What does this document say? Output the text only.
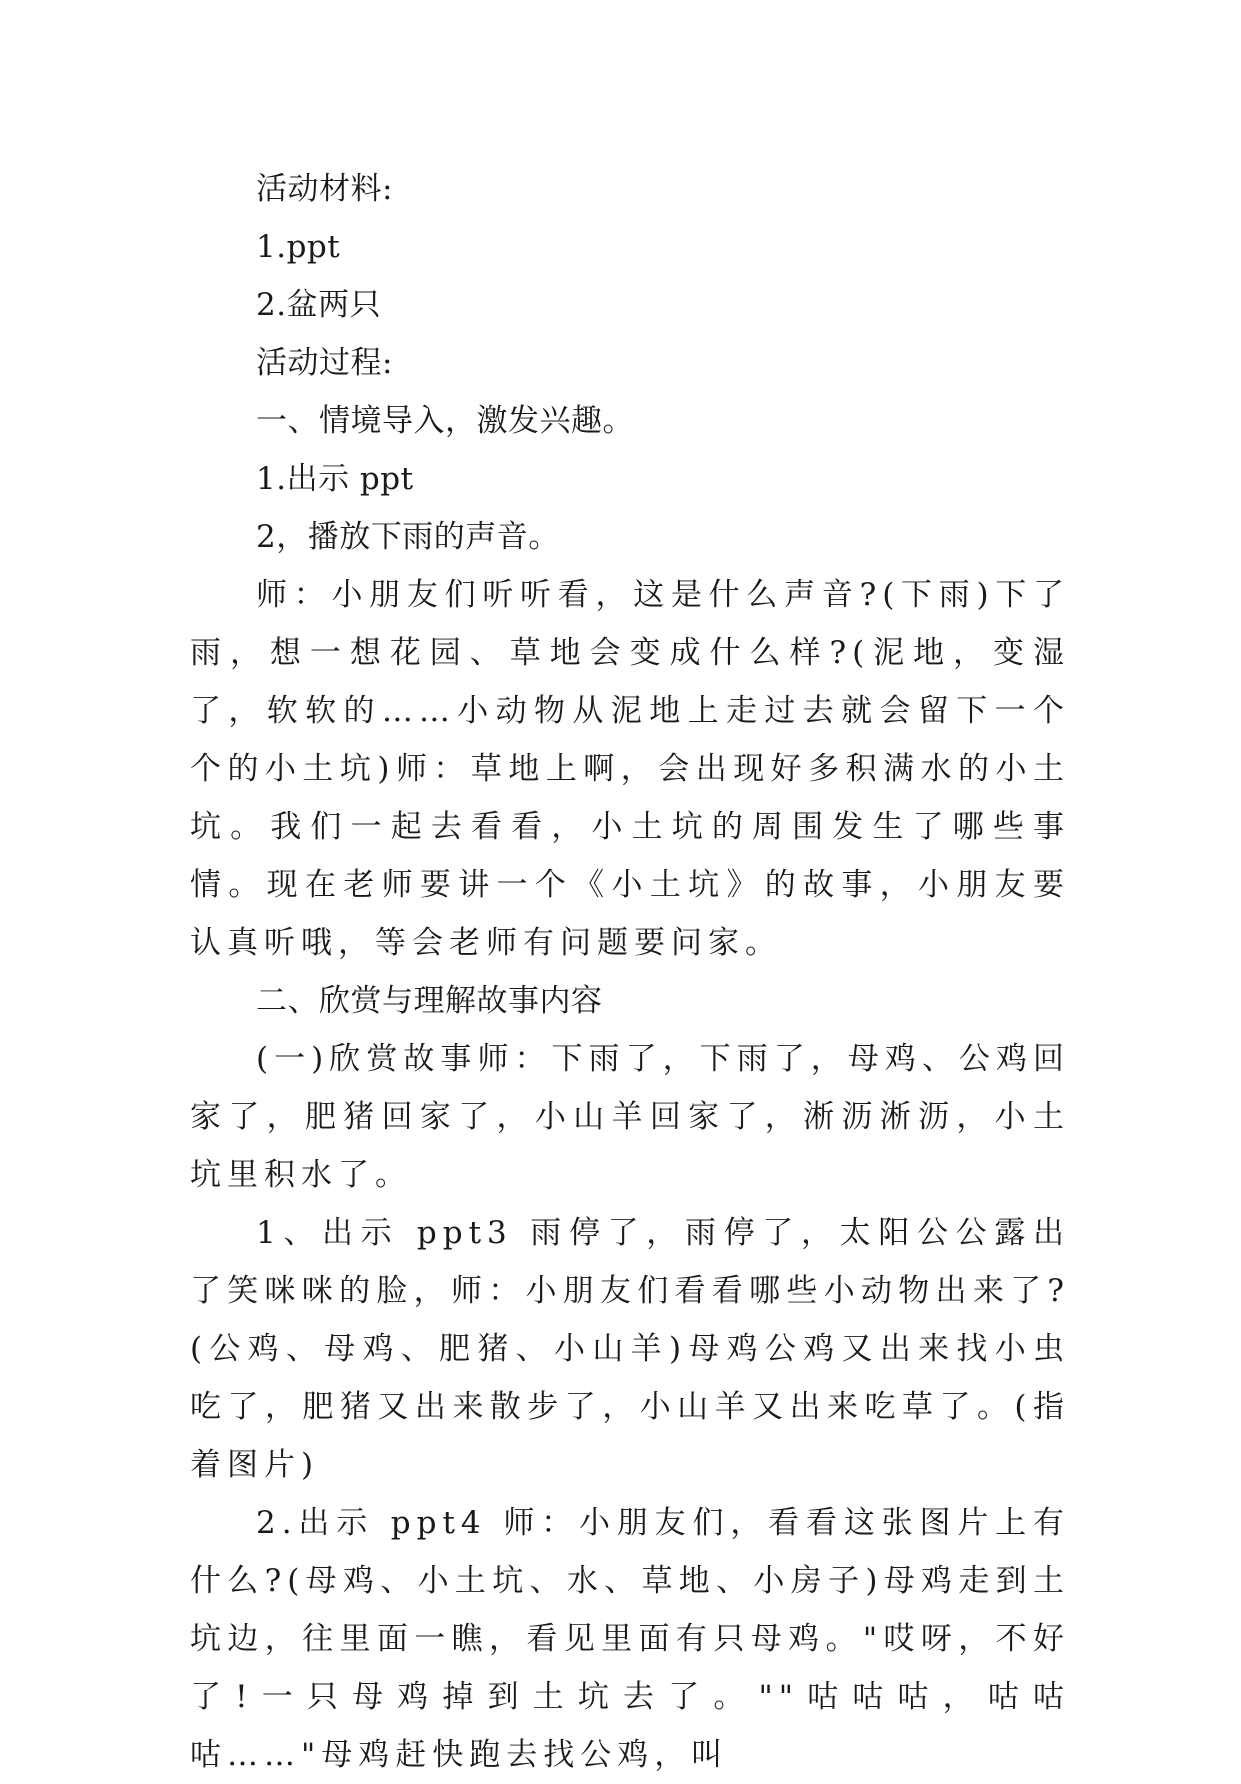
活动材料:
1.ppt
2.盆两只
活动过程:
一、情境导入，激发兴趣。
1.出示 ppt
2，播放下雨的声音。

师：小朋友们听听看，这是什么声音?(下雨)下了雨，想一想花园、草地会变成什么样?(泥地，变湿了，软软的……小动物从泥地上走过去就会留下一个个的小土坑)师：草地上啊，会出现好多积满水的小土坑。我们一起去看看，小土坑的周围发生了哪些事情。现在老师要讲一个《小土坑》的故事，小朋友要认真听哦，等会老师有问题要问家。

二、欣赏与理解故事内容

(一)欣赏故事师：下雨了，下雨了，母鸡、公鸡回家了，肥猪回家了，小山羊回家了，淅沥淅沥，小土坑里积水了。

1、出示 ppt3 雨停了，雨停了，太阳公公露出了笑咪咪的脸，师：小朋友们看看哪些小动物出来了?(公鸡、母鸡、肥猪、小山羊)母鸡公鸡又出来找小虫吃了，肥猪又出来散步了，小山羊又出来吃草了。(指着图片)

2.出示 ppt4 师：小朋友们，看看这张图片上有什么?(母鸡、小土坑、水、草地、小房子)母鸡走到土坑边，往里面一瞧，看见里面有只母鸡。"哎呀，不好了!一只母鸡掉到土坑去了。""咕咕咕，咕咕咕……"母鸡赶快跑去找公鸡，叫
